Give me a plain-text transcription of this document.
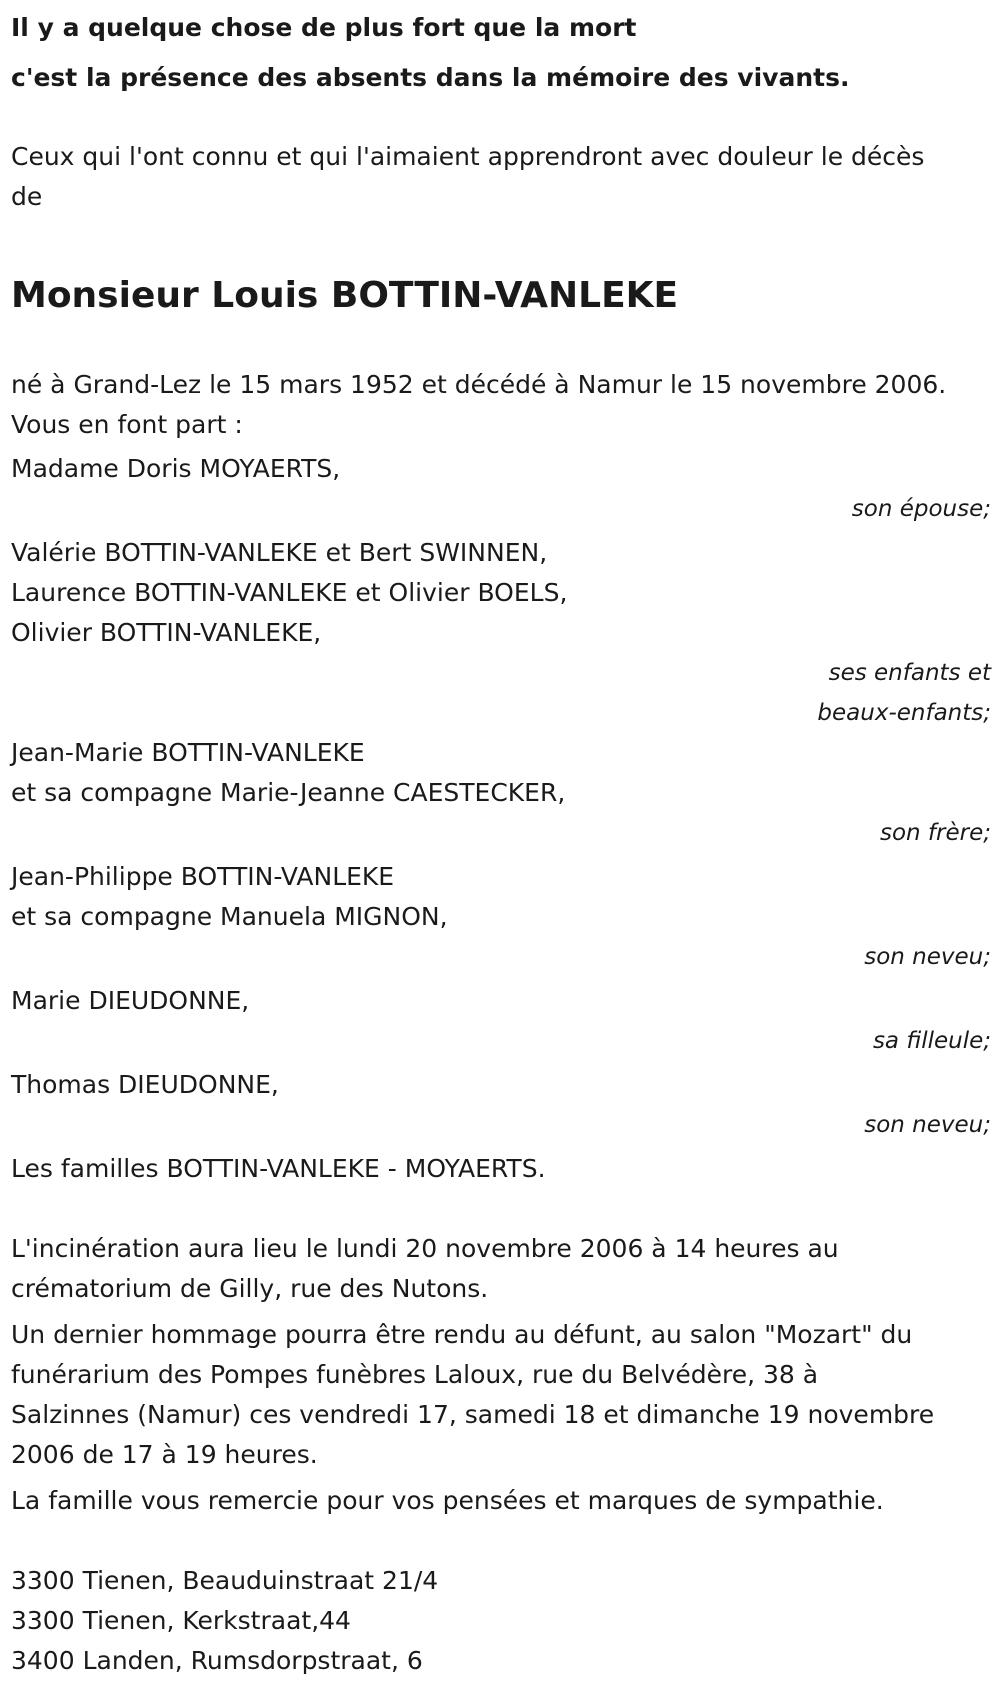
Il y a quelque chose de plus fort que la mort

c'est la présence des absents dans la mémoire des vivants.

Ceux qui l'ont connu et qui l'aimaient apprendront avec douleur le décès
de
Monsieur Louis BOTTIN-VANLEKE

né à Grand-Lez le 15 mars 1952 et décédé à Namur le 15 novembre 2006.

Vous en font part :

Madame Doris MOYAERTS,

son épouse;

Valérie BOTTIN-VANLEKE et Bert SWINNEN,

Laurence BOTTIN-VANLEKE et Olivier BOELS,

Olivier BOTTIN-VANLEKE,

ses enfants et

beaux-enfants;

Jean-Marie BOTTIN-VANLEKE

et sa compagne Marie-Jeanne CAESTECKER,

son frère;

Jean-Philippe BOTTIN-VANLEKE

et sa compagne Manuela MIGNON,

son neveu;

Marie DIEUDONNE,

sa filleule;

Thomas DIEUDONNE,

son neveu;

Les familles BOTTIN-VANLEKE - MOYAERTS.

L'incinération aura lieu le lundi 20 novembre 2006 à 14 heures au

crématorium de Gilly, rue des Nutons.

Un dernier hommage pourra être rendu au défunt, au salon "Mozart" du

funérarium des Pompes funèbres Laloux, rue du Belvédère, 38 à

Salzinnes (Namur) ces vendredi 17, samedi 18 et dimanche 19 novembre

2006 de 17 à 19 heures.

La famille vous remercie pour vos pensées et marques de sympathie.

3300 Tienen, Beauduinstraat 21/4

3300 Tienen, Kerkstraat,44

3400 Landen, Rumsdorpstraat, 6
